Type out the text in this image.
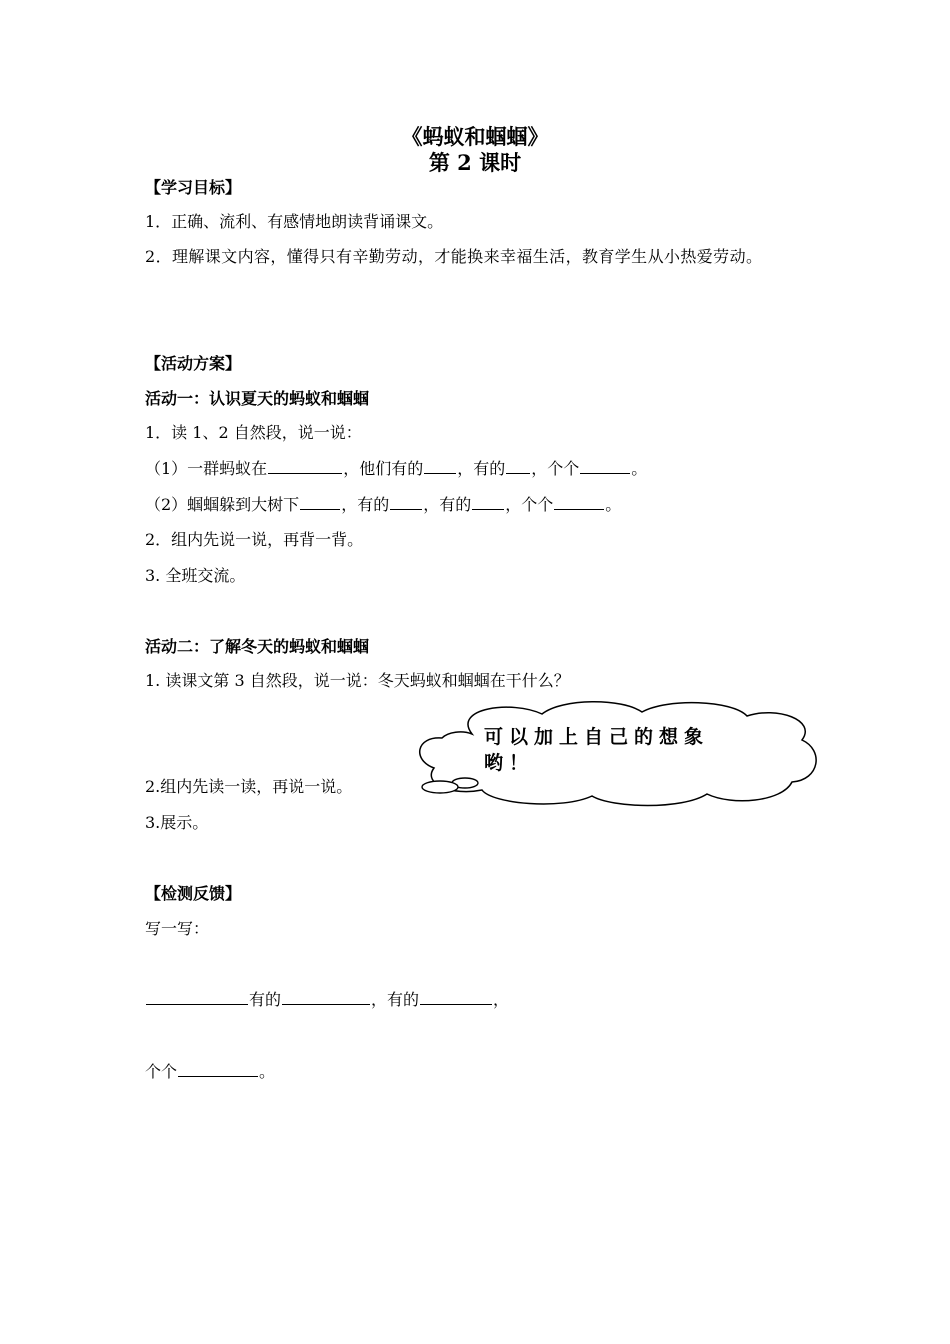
《蚂蚁和蝈蝈》
第 2 课时
【学习目标】
1．正确、流利、有感情地朗读背诵课文。
2．理解课文内容，懂得只有辛勤劳动，才能换来幸福生活，教育学生从小热爱劳动。
【活动方案】
活动一：认识夏天的蚂蚁和蝈蝈
1．读 1、2 自然段，说一说：
（1）一群蚂蚁在	，他们有的 ，有的 ，个个	。
（2）蝈蝈躲到大树下	，有的 ，有的 ，个个	。
2．组内先说一说，再背一背。
3. 全班交流。
活动二：了解冬天的蚂蚁和蝈蝈
1. 读课文第 3 自然段，说一说：冬天蚂蚁和蝈蝈在干什么？
可以加上自己的想象哟！
2.组内先读一读，再说一说。
3.展示。
【检测反馈】
写一写：
有的	，有的	，
个个	。
